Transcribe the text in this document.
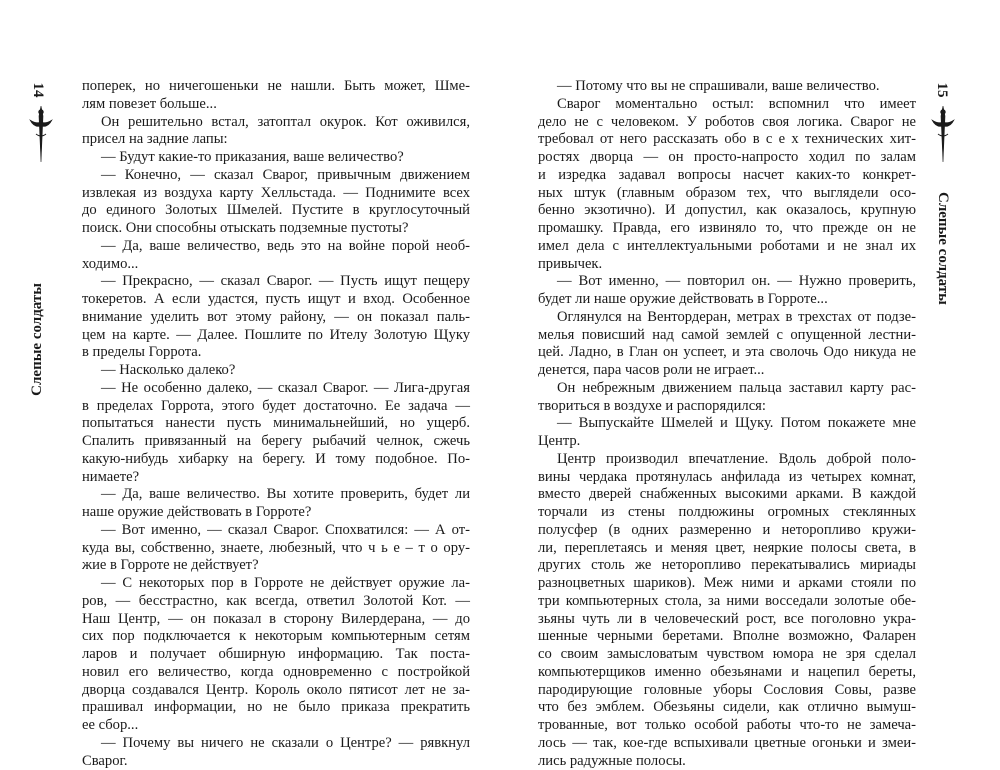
14
Слепые солдаты
поперек, но ничегошеньки не нашли. Быть может, Шме-
лям повезет больше...
Он решительно встал, затоптал окурок. Кот оживился,
присел на задние лапы:
— Будут какие-то приказания, ваше величество?
— Конечно, — сказал Сварог, привычным движением
извлекая из воздуха карту Хелльстада. — Поднимите всех
до единого Золотых Шмелей. Пустите в круглосуточный
поиск. Они способны отыскать подземные пустоты?
— Да, ваше величество, ведь это на войне порой необ-
ходимо...
— Прекрасно, — сказал Сварог. — Пусть ищут пещеру
токеретов. А если удастся, пусть ищут и вход. Особенное
внимание уделить вот этому району, — он показал паль-
цем на карте. — Далее. Пошлите по Ителу Золотую Щуку
в пределы Горрота.
— Насколько далеко?
— Не особенно далеко, — сказал Сварог. — Лига-другая
в пределах Горрота, этого будет достаточно. Ее задача —
попытаться нанести пусть минимальнейший, но ущерб.
Спалить привязанный на берегу рыбачий челнок, сжечь
какую-нибудь хибарку на берегу. И тому подобное. По-
нимаете?
— Да, ваше величество. Вы хотите проверить, будет ли
наше оружие действовать в Горроте?
— Вот именно, — сказал Сварог. Спохватился: — А от-
куда вы, собственно, знаете, любезный, что ч ь е – т о ору-
жие в Горроте не действует?
— С некоторых пор в Горроте не действует оружие ла-
ров, — бесстрастно, как всегда, ответил Золотой Кот. —
Наш Центр, — он показал в сторону Вилердерана, — до
сих пор подключается к некоторым компьютерным сетям
ларов и получает обширную информацию. Так поста-
новил его величество, когда одновременно с постройкой
дворца создавался Центр. Король около пятисот лет не за-
прашивал информации, но не было приказа прекратить
ее сбор...
— Почему вы ничего не сказали о Центре? — рявкнул
Сварог.
15
Слепые солдаты
— Потому что вы не спрашивали, ваше величество.
Сварог моментально остыл: вспомнил что имеет
дело не с человеком. У роботов своя логика. Сварог не
требовал от него рассказать обо в с е х технических хит-
ростях дворца — он просто-напросто ходил по залам
и изредка задавал вопросы насчет каких-то конкрет-
ных штук (главным образом тех, что выглядели осо-
бенно экзотично). И допустил, как оказалось, крупную
промашку. Правда, его извиняло то, что прежде он не
имел дела с интеллектуальными роботами и не знал их
привычек.
— Вот именно, — повторил он. — Нужно проверить,
будет ли наше оружие действовать в Горроте...
Оглянулся на Вентордеран, метрах в трехстах от подзе-
мелья повисший над самой землей с опущенной лестни-
цей. Ладно, в Глан он успеет, и эта сволочь Одо никуда не
денется, пара часов роли не играет...
Он небрежным движением пальца заставил карту рас-
твориться в воздухе и распорядился:
— Выпускайте Шмелей и Щуку. Потом покажете мне
Центр.
Центр производил впечатление. Вдоль доброй поло-
вины чердака протянулась анфилада из четырех комнат,
вместо дверей снабженных высокими арками. В каждой
торчали из стены полдюжины огромных стеклянных
полусфер (в одних размеренно и неторопливо кружи-
ли, переплетаясь и меняя цвет, неяркие полосы света, в
других столь же неторопливо перекатывались мириады
разноцветных шариков). Меж ними и арками стояли по
три компьютерных стола, за ними восседали золотые обе-
зьяны чуть ли в человеческий рост, все поголовно укра-
шенные черными беретами. Вполне возможно, Фаларен
со своим замысловатым чувством юмора не зря сделал
компьютерщиков именно обезьянами и нацепил береты,
пародирующие головные уборы Сословия Совы, разве
что без эмблем. Обезьяны сидели, как отлично вымуш-
трованные, вот только особой работы что-то не замеча-
лось — так, кое-где вспыхивали цветные огоньки и змеи-
лись радужные полосы.
